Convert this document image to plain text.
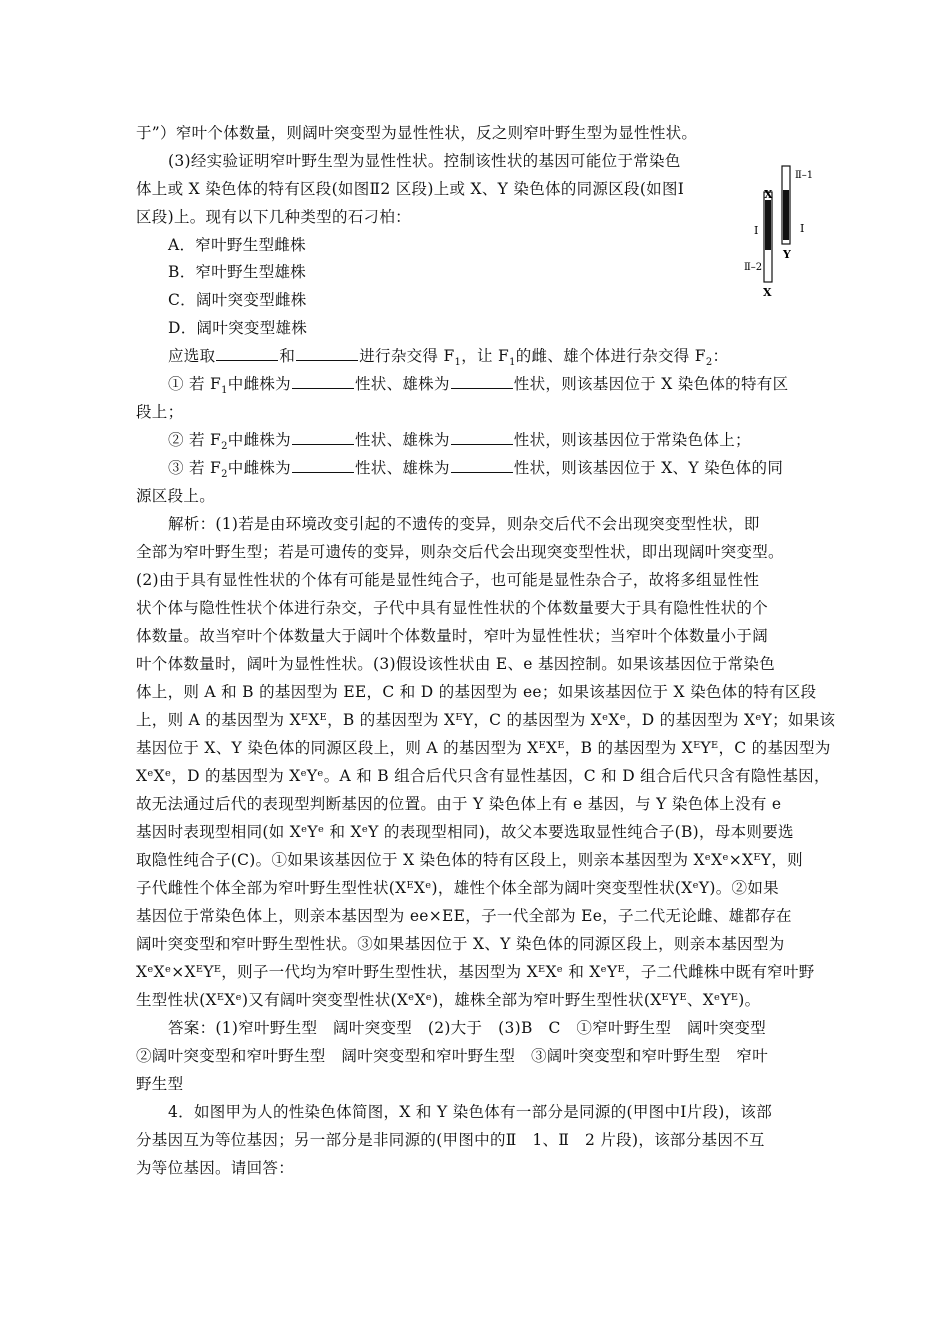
于”）窄叶个体数量，则阔叶突变型为显性性状，反之则窄叶野生型为显性性状。
(3)经实验证明窄叶野生型为显性性状。控制该性状的基因可能位于常染色
体上或 X 染色体的特有区段(如图Ⅱ2 区段)上或 X、Y 染色体的同源区段(如图Ⅰ
区段)上。现有以下几种类型的石刁柏：
A．窄叶野生型雌株
B．窄叶野生型雄株
C．阔叶突变型雌株
D．阔叶突变型雄株
应选取	和	进行杂交得 $F_1$，让 $F_1$的雌、雄个体进行杂交得 $F_2$：
① 若 $F_1$中雌株为	性状、雄株为	性状，则该基因位于 X 染色体的特有区
段上；
② 若 $F_2$中雌株为	性状、雄株为	性状，则该基因位于常染色体上；
③ 若 $F_2$中雌株为	性状、雄株为	性状，则该基因位于 X、Y 染色体的同
源区段上。
解析：(1)若是由环境改变引起的不遗传的变异，则杂交后代不会出现突变型性状，即
全部为窄叶野生型；若是可遗传的变异，则杂交后代会出现突变型性状，即出现阔叶突变型。
(2)由于具有显性性状的个体有可能是显性纯合子，也可能是显性杂合子，故将多组显性性
状个体与隐性性状个体进行杂交，子代中具有显性性状的个体数量要大于具有隐性性状的个
体数量。故当窄叶个体数量大于阔叶个体数量时，窄叶为显性性状；当窄叶个体数量小于阔
叶个体数量时，阔叶为显性性状。(3)假设该性状由 E、e 基因控制。如果该基因位于常染色
体上，则 A 和 B 的基因型为 EE，C 和 D 的基因型为 ee；如果该基因位于 X 染色体的特有区段
上，则 A 的基因型为 XᴱXᴱ，B 的基因型为 XᴱY，C 的基因型为 XᵉXᵉ，D 的基因型为 XᵉY；如果该
基因位于 X、Y 染色体的同源区段上，则 A 的基因型为 XᴱXᴱ，B 的基因型为 XᴱYᴱ，C 的基因型为
XᵉXᵉ，D 的基因型为 XᵉYᵉ。A 和 B 组合后代只含有显性基因，C 和 D 组合后代只含有隐性基因，
故无法通过后代的表现型判断基因的位置。由于 Y 染色体上有 e 基因，与 Y 染色体上没有 e
基因时表现型相同(如 XᵉYᵉ 和 XᵉY 的表现型相同)，故父本要选取显性纯合子(B)，母本则要选
取隐性纯合子(C)。①如果该基因位于 X 染色体的特有区段上，则亲本基因型为 XᵉXᵉ×XᴱY，则
子代雌性个体全部为窄叶野生型性状(XᴱXᵉ)，雄性个体全部为阔叶突变型性状(XᵉY)。②如果
基因位于常染色体上，则亲本基因型为 ee×EE，子一代全部为 Ee，子二代无论雌、雄都存在
阔叶突变型和窄叶野生型性状。③如果基因位于 X、Y 染色体的同源区段上，则亲本基因型为
XᵉXᵉ×XᴱYᴱ，则子一代均为窄叶野生型性状，基因型为 XᴱXᵉ 和 XᵉYᴱ，子二代雌株中既有窄叶野
生型性状(XᴱXᵉ)又有阔叶突变型性状(XᵉXᵉ)，雄株全部为窄叶野生型性状(XᴱYᴱ、XᵉYᴱ)。
答案：(1)窄叶野生型　阔叶突变型　(2)大于　(3)B　C　①窄叶野生型　阔叶突变型
②阔叶突变型和窄叶野生型　阔叶突变型和窄叶野生型　③阔叶突变型和窄叶野生型　窄叶
野生型
4．如图甲为人的性染色体简图，X 和 Y 染色体有一部分是同源的(甲图中Ⅰ片段)，该部
分基因互为等位基因；另一部分是非同源的(甲图中的Ⅱ　1、Ⅱ　2 片段)，该部分基因不互
为等位基因。请回答：
X
X
Y
Ⅰ	Ⅰ
Ⅱ–1
Ⅱ–2
